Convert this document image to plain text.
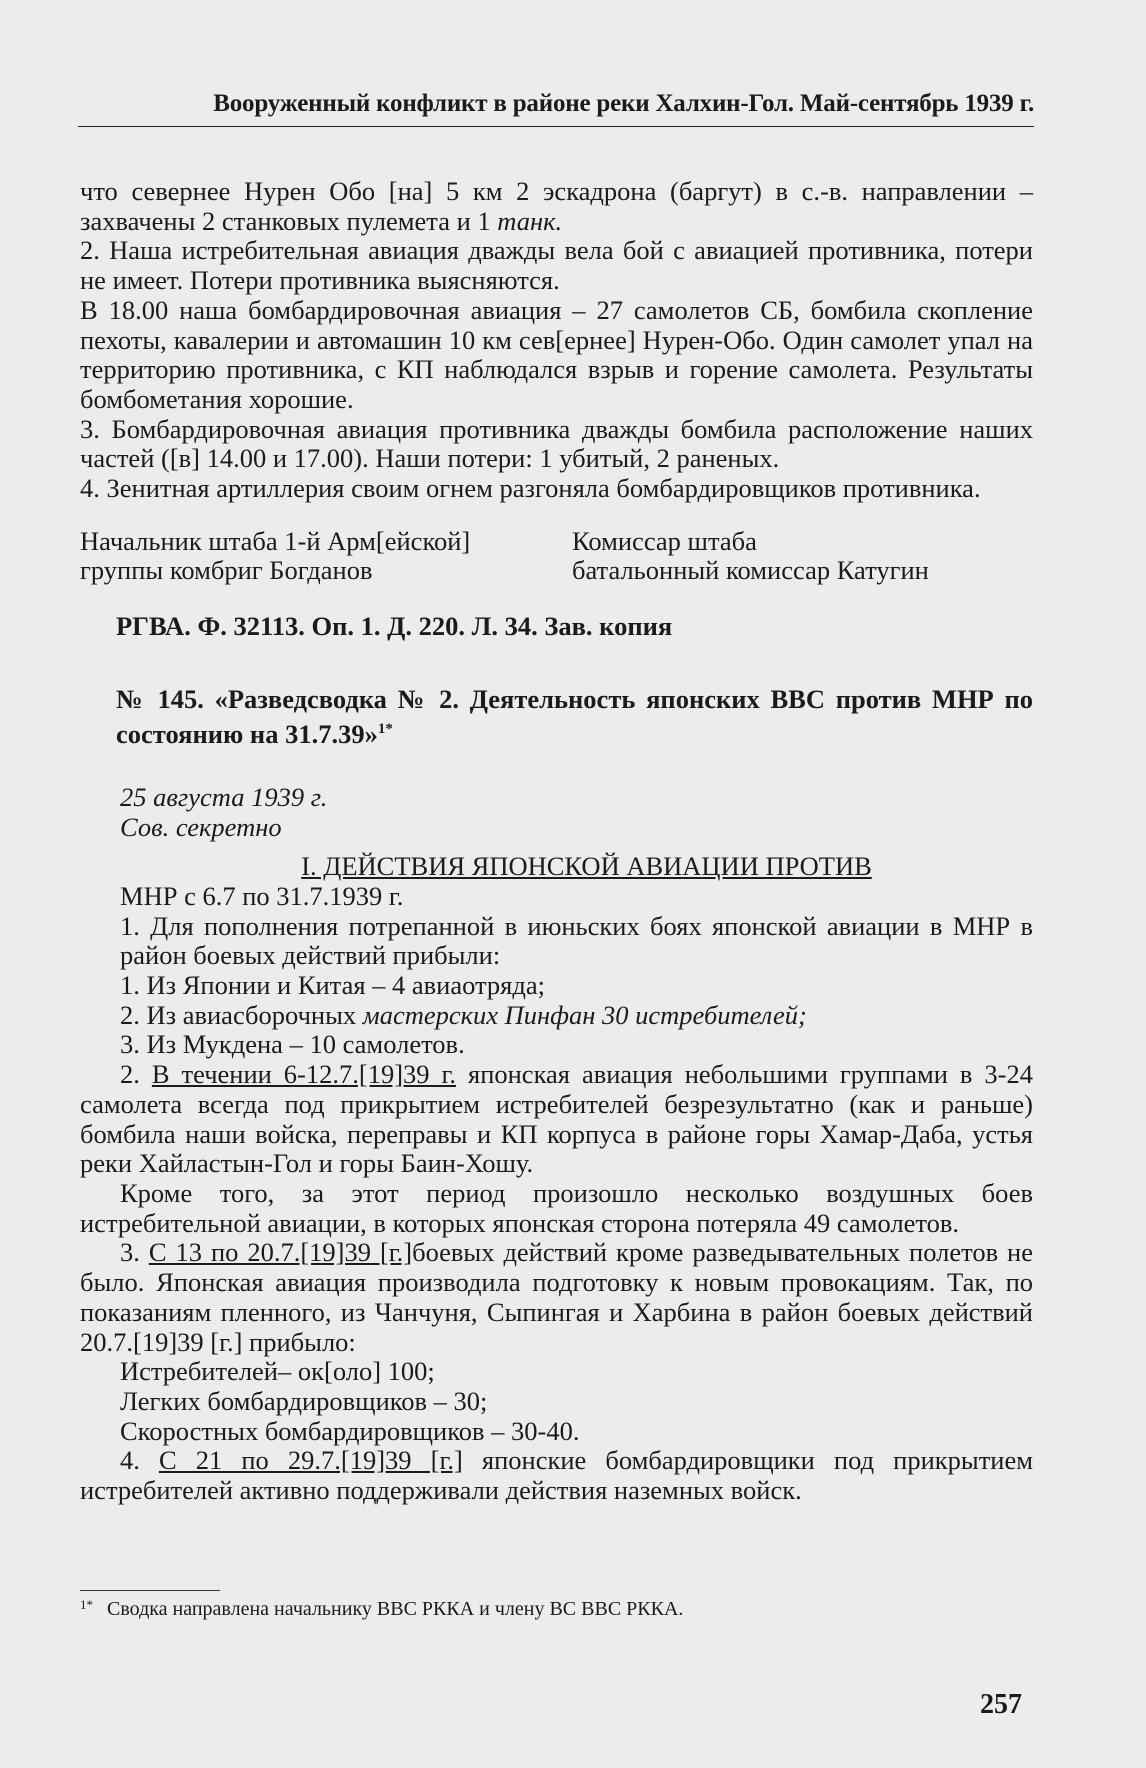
Вооруженный конфликт в районе реки Халхин-Гол. Май-сентябрь 1939 г.

что севернее Нурен Обо [на] 5 км 2 эскадрона (баргут) в с.-в. направлении – захвачены 2 станковых пулемета и 1 танк.

2. Наша истребительная авиация дважды вела бой с авиацией противника, потери не имеет. Потери противника выясняются.

В 18.00 наша бомбардировочная авиация – 27 самолетов СБ, бомбила скопление пехоты, кавалерии и автомашин 10 км сев[ернее] Нурен-Обо. Один самолет упал на территорию противника, с КП наблюдался взрыв и горение самолета. Результаты бомбометания хорошие.

3. Бомбардировочная авиация противника дважды бомбила расположение наших частей ([в] 14.00 и 17.00). Наши потери: 1 убитый, 2 раненых.

4. Зенитная артиллерия своим огнем разгоняла бомбардировщиков противника.

Начальник штаба 1-й Арм[ейской]
группы комбриг Богданов
Комиссар штаба
батальонный комиссар Катугин
РГВА. Ф. 32113. Оп. 1. Д. 220. Л. 34. Зав. копия
№ 145. «Разведсводка № 2. Деятельность японских ВВС против МНР по состоянию на 31.7.39»$^{1*}$
25 августа 1939 г.
Сов. секретно
I. ДЕЙСТВИЯ ЯПОНСКОЙ АВИАЦИИ ПРОТИВ

МНР с 6.7 по 31.7.1939 г.

1. Для пополнения потрепанной в июньских боях японской авиации в МНР в район боевых действий прибыли:

1. Из Японии и Китая – 4 авиаотряда;

2. Из авиасборочных мастерских Пинфан 30 истребителей;

3. Из Мукдена – 10 самолетов.

2. В течении 6-12.7.[19]39 г. японская авиация небольшими группами в 3-24 самолета всегда под прикрытием истребителей безрезультатно (как и раньше) бомбила наши войска, переправы и КП корпуса в районе горы Хамар-Даба, устья реки Хайластын-Гол и горы Баин-Хошу.

Кроме того, за этот период произошло несколько воздушных боев истребительной авиации, в которых японская сторона потеряла 49 самолетов.

3. С 13 по 20.7.[19]39 [г.]боевых действий кроме разведывательных полетов не было. Японская авиация производила подготовку к новым провокациям. Так, по показаниям пленного, из Чанчуня, Сыпингая и Харбина в район боевых действий 20.7.[19]39 [г.] прибыло:

Истребителей– ок[оло] 100;

Легких бомбардировщиков – 30;

Скоростных бомбардировщиков – 30-40.

4. С 21 по 29.7.[19]39 [г.] японские бомбардировщики под прикрытием истребителей активно поддерживали действия наземных войск.

$^{1*}$ Сводка направлена начальнику ВВС РККА и члену ВС ВВС РККА.
257
